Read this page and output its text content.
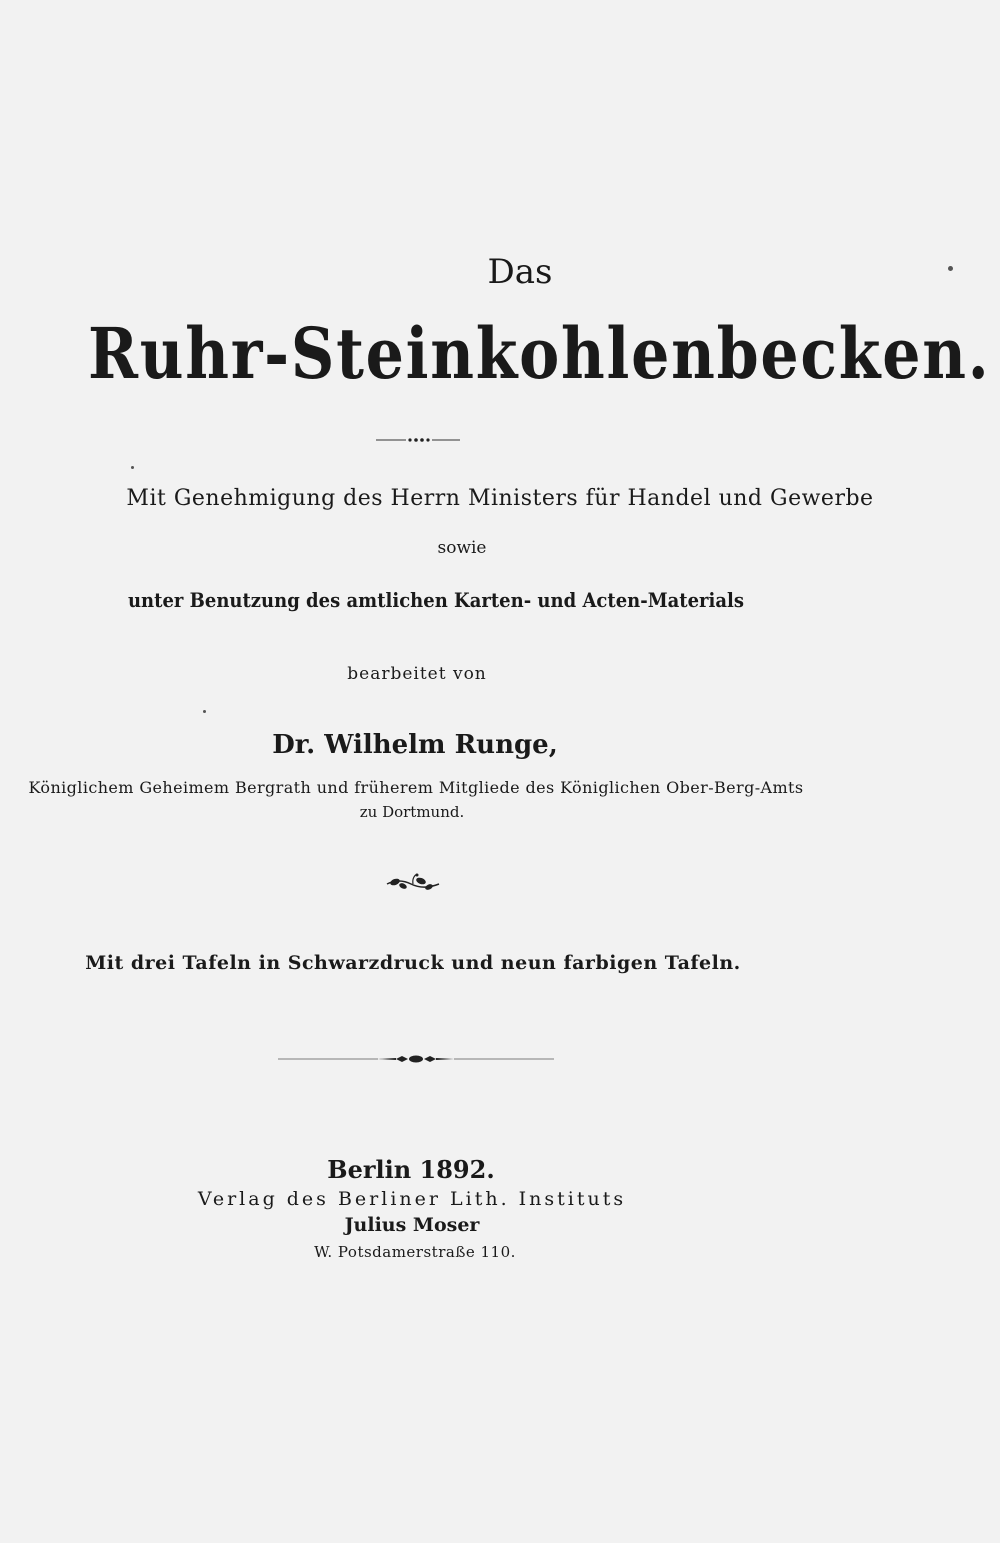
Das
Ruhr-Steinkohlenbecken.
Mit Genehmigung des Herrn Ministers für Handel und Gewerbe
sowie
unter Benutzung des amtlichen Karten- und Acten-Materials
bearbeitet von
Dr. Wilhelm Runge,
Königlichem Geheimem Bergrath und früherem Mitgliede des Königlichen Ober-Berg-Amts
zu Dortmund.
Mit drei Tafeln in Schwarzdruck und neun farbigen Tafeln.
Berlin 1892.
Verlag des Berliner Lith. Instituts
Julius Moser
W. Potsdamerstraße 110.
